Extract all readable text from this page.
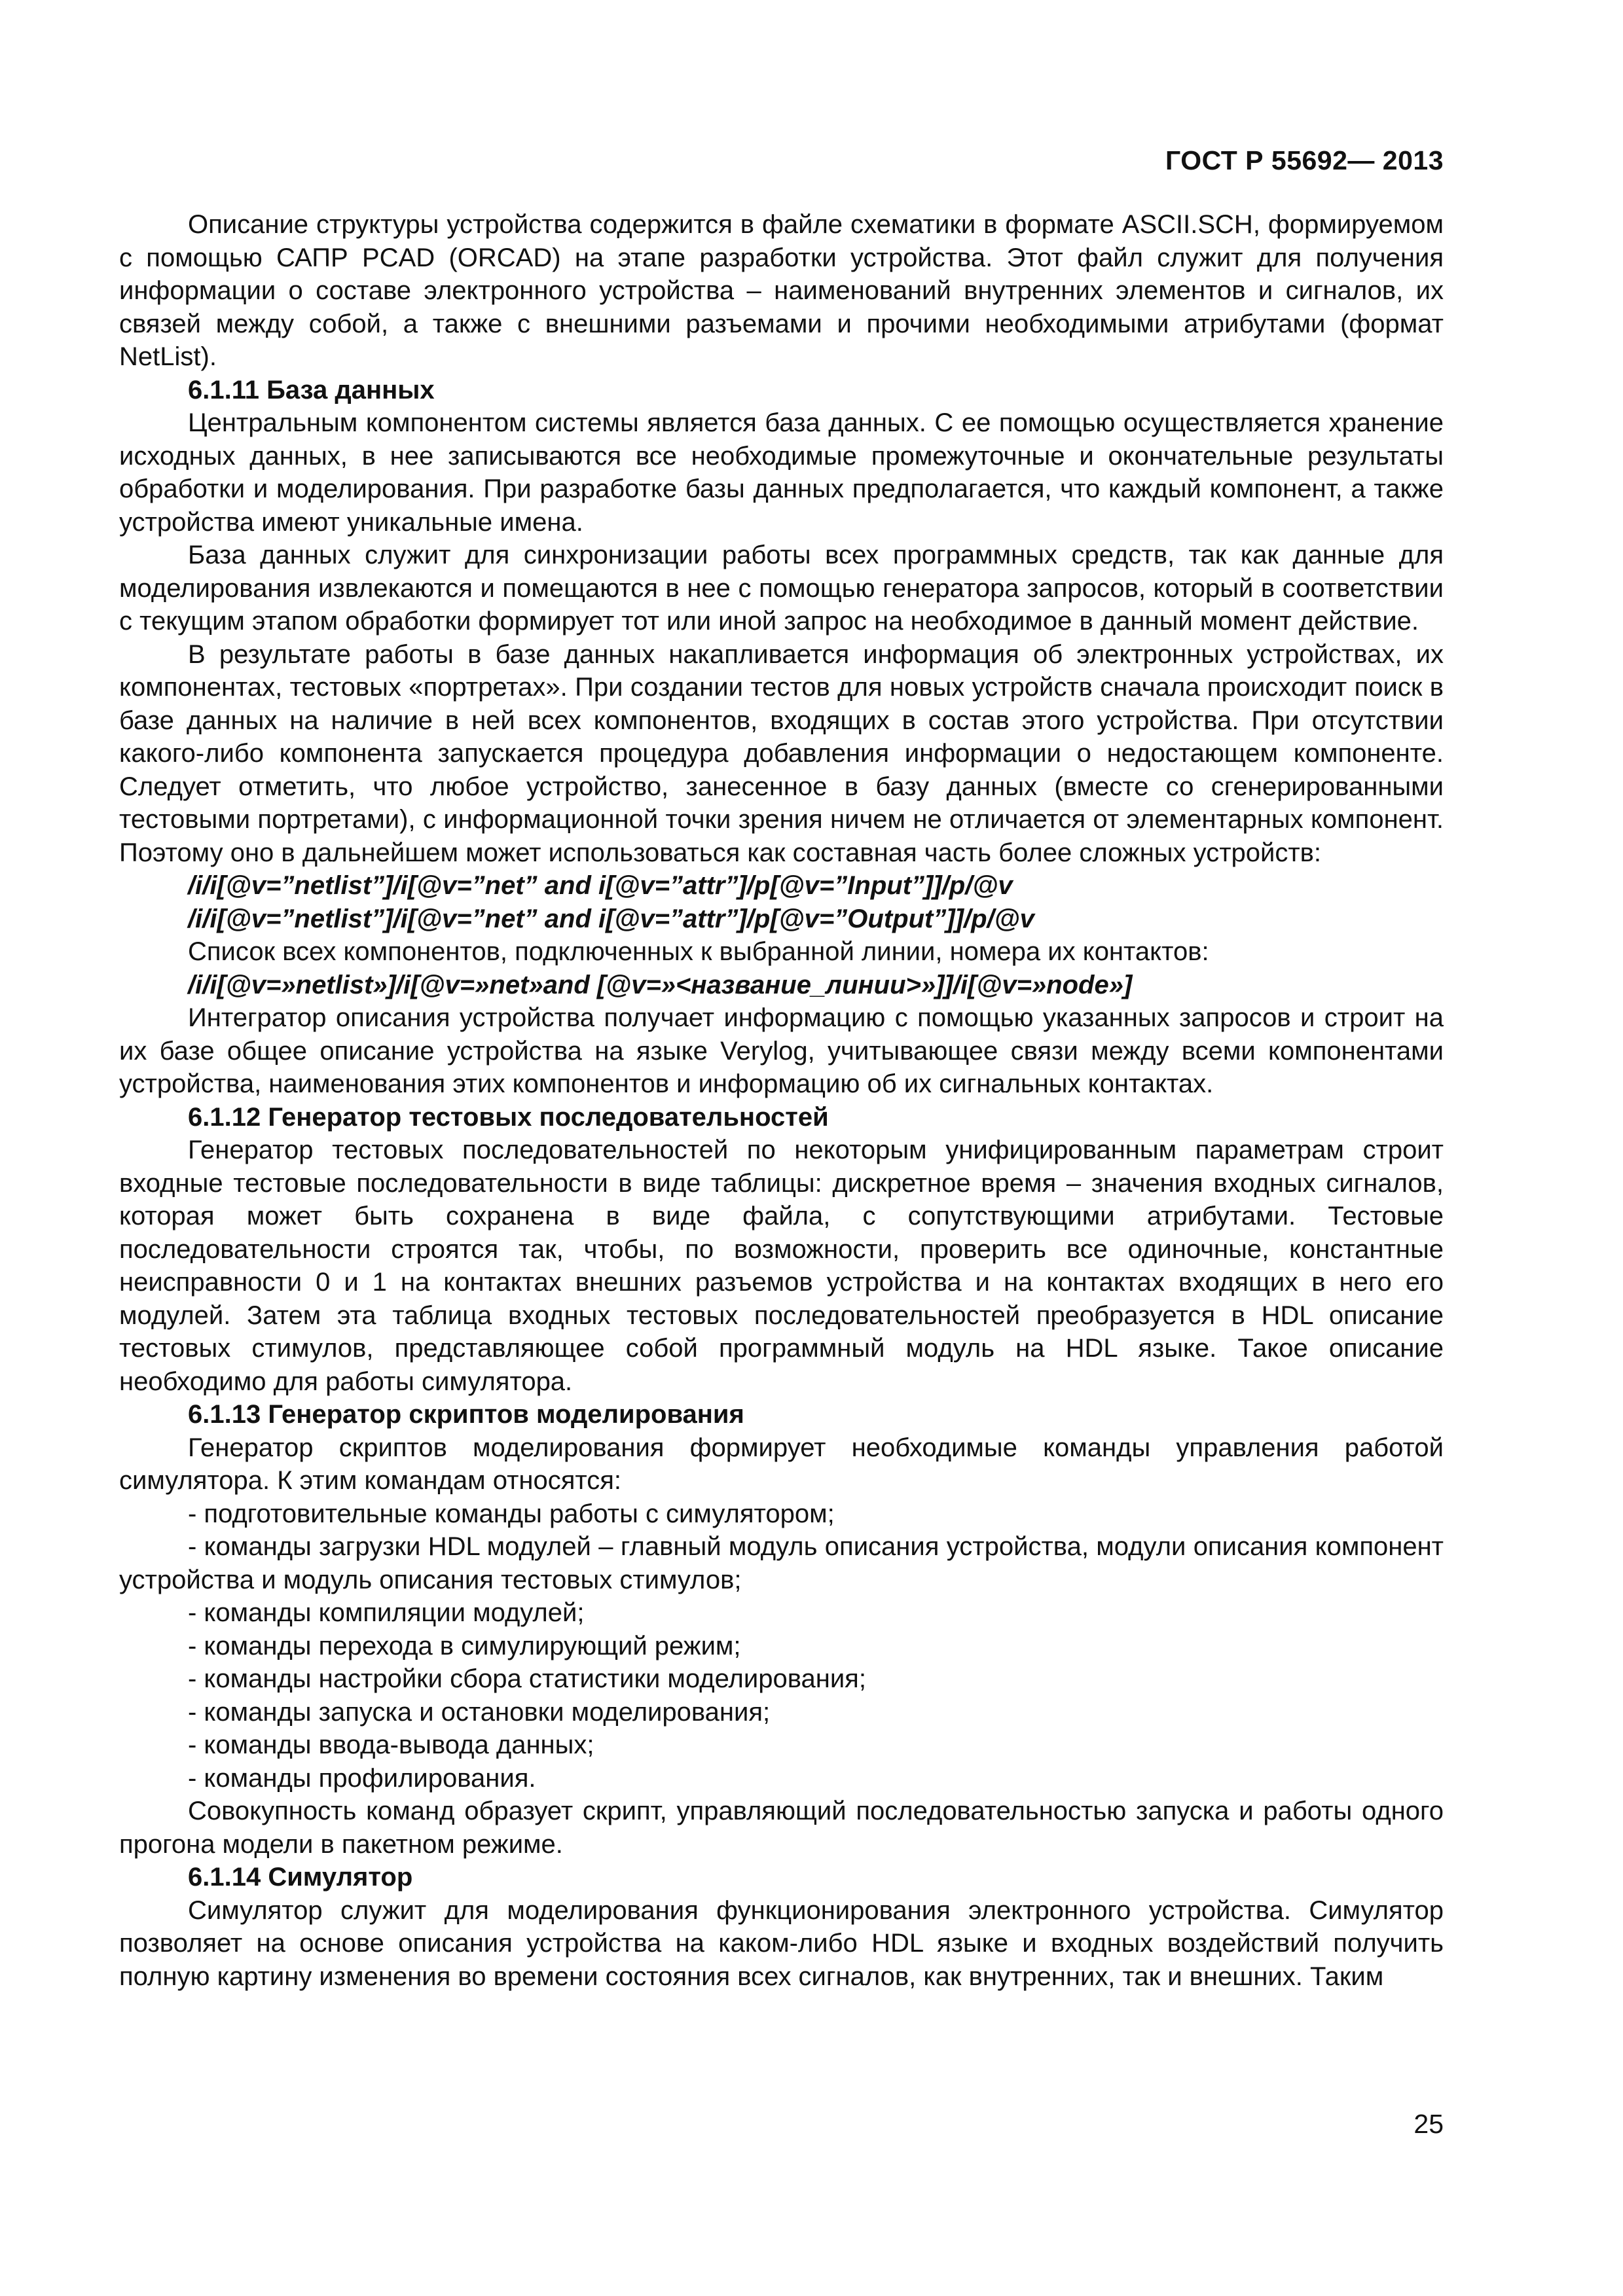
ГОСТ Р 55692— 2013

Описание структуры устройства содержится в файле схематики в формате ASCII.SCH, формируемом с помощью САПР PCAD (ORCAD) на этапе разработки устройства. Этот файл служит для получения информации о составе электронного устройства – наименований внутренних элементов и сигналов, их связей между собой, а также с внешними разъемами и прочими необходимыми атрибутами (формат NetList).

6.1.11 База данных

Центральным компонентом системы является база данных. С ее помощью осуществляется хранение исходных данных, в нее записываются все необходимые промежуточные и окончательные результаты обработки и моделирования. При разработке базы данных предполагается, что каждый компонент, а также устройства имеют уникальные имена.

База данных служит для синхронизации работы всех программных средств, так как данные для моделирования извлекаются и помещаются в нее с помощью генератора запросов, который в соответствии с текущим этапом обработки формирует тот или иной запрос на необходимое в данный момент действие.

В результате работы в базе данных накапливается информация об электронных устройствах, их компонентах, тестовых «портретах». При создании тестов для новых устройств сначала происходит поиск в базе данных на наличие в ней всех компонентов, входящих в состав этого устройства. При отсутствии какого-либо компонента запускается процедура добавления информации о недостающем компоненте. Следует отметить, что любое устройство, занесенное в базу данных (вместе со сгенерированными тестовыми портретами), с информационной точки зрения ничем не отличается от элементарных компонент. Поэтому оно в дальнейшем может использоваться как составная часть более сложных устройств:

/i/i[@v=”netlist”]/i[@v=”net” and i[@v=”attr”]/p[@v=”Input”]]/p/@v

/i/i[@v=”netlist”]/i[@v=”net” and i[@v=”attr”]/p[@v=”Output”]]/p/@v

Список всех компонентов, подключенных к выбранной линии, номера их контактов:

/i/i[@v=»netlist»]/i[@v=»net»and [@v=»<название_линии>»]]/i[@v=»node»]

Интегратор описания устройства получает информацию с помощью указанных запросов и строит на их базе общее описание устройства на языке Verylog, учитывающее связи между всеми компонентами устройства, наименования этих компонентов и информацию об их сигнальных контактах.

6.1.12 Генератор тестовых последовательностей

Генератор тестовых последовательностей по некоторым унифицированным параметрам строит входные тестовые последовательности в виде таблицы: дискретное время – значения входных сигналов, которая может быть сохранена в виде файла, с сопутствующими атрибутами. Тестовые последовательности строятся так, чтобы, по возможности, проверить все одиночные, константные неисправности 0 и 1 на контактах внешних разъемов устройства и на контактах входящих в него его модулей. Затем эта таблица входных тестовых последовательностей преобразуется в HDL описание тестовых стимулов, представляющее собой программный модуль на HDL языке. Такое описание необходимо для работы симулятора.

6.1.13 Генератор скриптов моделирования

Генератор скриптов моделирования формирует необходимые команды управления работой симулятора. К этим командам относятся:

- подготовительные команды работы с симулятором;

- команды загрузки HDL модулей – главный модуль описания устройства, модули описания компонент устройства и модуль описания тестовых стимулов;

- команды компиляции модулей;

- команды перехода в симулирующий режим;

- команды настройки сбора статистики моделирования;

- команды запуска и остановки моделирования;

- команды ввода-вывода данных;

- команды профилирования.

Совокупность команд образует скрипт, управляющий последовательностью запуска и работы одного прогона модели в пакетном режиме.

6.1.14 Симулятор

Симулятор служит для моделирования функционирования электронного устройства. Симулятор позволяет на основе описания устройства на каком-либо HDL языке и входных воздействий получить полную картину изменения во времени состояния всех сигналов, как внутренних, так и внешних. Таким

25
